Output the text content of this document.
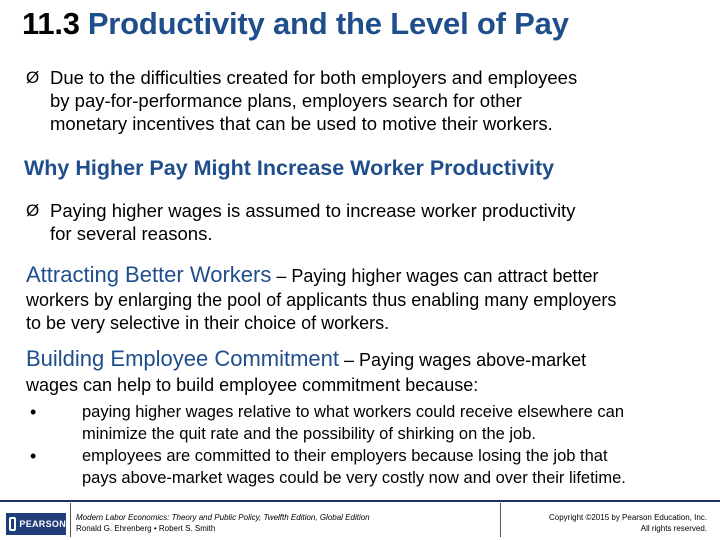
11.3 Productivity and the Level of Pay
Ø Due to the difficulties created for both employers and employees
by pay-for-performance plans, employers search for other
monetary incentives that can be used to motive their workers.
Why Higher Pay Might Increase Worker Productivity
Ø Paying higher wages is assumed to increase worker productivity
for several reasons.
Attracting Better Workers – Paying higher wages can attract better
workers by enlarging the pool of applicants thus enabling many employers
to be very selective in their choice of workers.
Building Employee Commitment – Paying wages above-market
wages can help to build employee commitment because:
•	paying higher wages relative to what workers could receive elsewhere can
minimize the quit rate and the possibility of shirking on the job.
•	employees are committed to their employers because losing the job that
pays above-market wages could be very costly now and over their lifetime.
PEARSON
Modern Labor Economics: Theory and Public Policy, Twelfth Edition, Global Edition
Ronald G. Ehrenberg • Robert S. Smith
Copyright ©2015 by Pearson Education, Inc.
All rights reserved.
